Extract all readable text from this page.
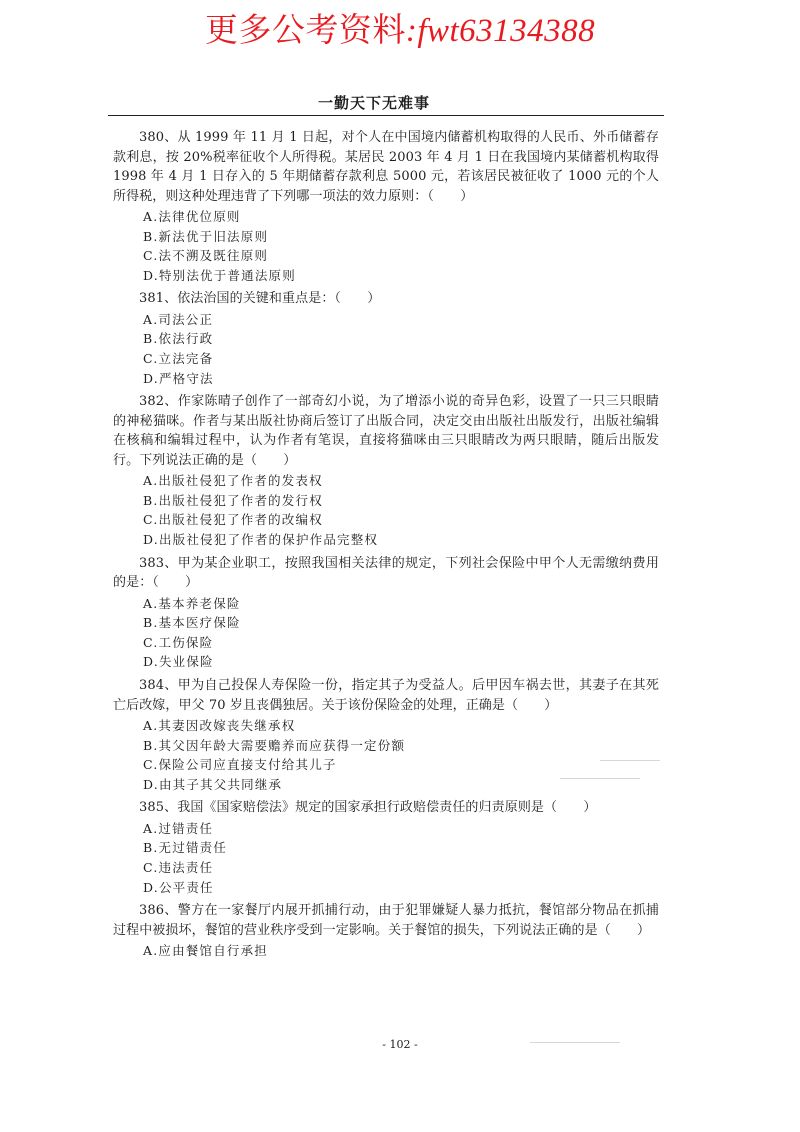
更多公考资料:fwt63134388
一勤天下无难事
380、从 1999 年 11 月 1 日起，对个人在中国境内储蓄机构取得的人民币、外币储蓄存款利息，按 20%税率征收个人所得税。某居民 2003 年 4 月 1 日在我国境内某储蓄机构取得 1998 年 4 月 1 日存入的 5 年期储蓄存款利息 5000 元，若该居民被征收了 1000 元的个人所得税，则这种处理违背了下列哪一项法的效力原则：（　　）
A.法律优位原则
B.新法优于旧法原则
C.法不溯及既往原则
D.特别法优于普通法原则
381、依法治国的关键和重点是：（　　）
A.司法公正
B.依法行政
C.立法完备
D.严格守法
382、作家陈晴子创作了一部奇幻小说，为了增添小说的奇异色彩，设置了一只三只眼睛的神秘猫咪。作者与某出版社协商后签订了出版合同，决定交由出版社出版发行，出版社编辑在核稿和编辑过程中，认为作者有笔误，直接将猫咪由三只眼睛改为两只眼睛，随后出版发行。下列说法正确的是（　　）
A.出版社侵犯了作者的发表权
B.出版社侵犯了作者的发行权
C.出版社侵犯了作者的改编权
D.出版社侵犯了作者的保护作品完整权
383、甲为某企业职工，按照我国相关法律的规定，下列社会保险中甲个人无需缴纳费用的是：（　　）
A.基本养老保险
B.基本医疗保险
C.工伤保险
D.失业保险
384、甲为自己投保人寿保险一份，指定其子为受益人。后甲因车祸去世，其妻子在其死亡后改嫁，甲父 70 岁且丧偶独居。关于该份保险金的处理，正确是（　　）
A.其妻因改嫁丧失继承权
B.其父因年龄大需要赡养而应获得一定份额
C.保险公司应直接支付给其儿子
D.由其子其父共同继承
385、我国《国家赔偿法》规定的国家承担行政赔偿责任的归责原则是（　　）
A.过错责任
B.无过错责任
C.违法责任
D.公平责任
386、警方在一家餐厅内展开抓捕行动，由于犯罪嫌疑人暴力抵抗，餐馆部分物品在抓捕过程中被损坏，餐馆的营业秩序受到一定影响。关于餐馆的损失，下列说法正确的是（　　）
A.应由餐馆自行承担
- 102 -
